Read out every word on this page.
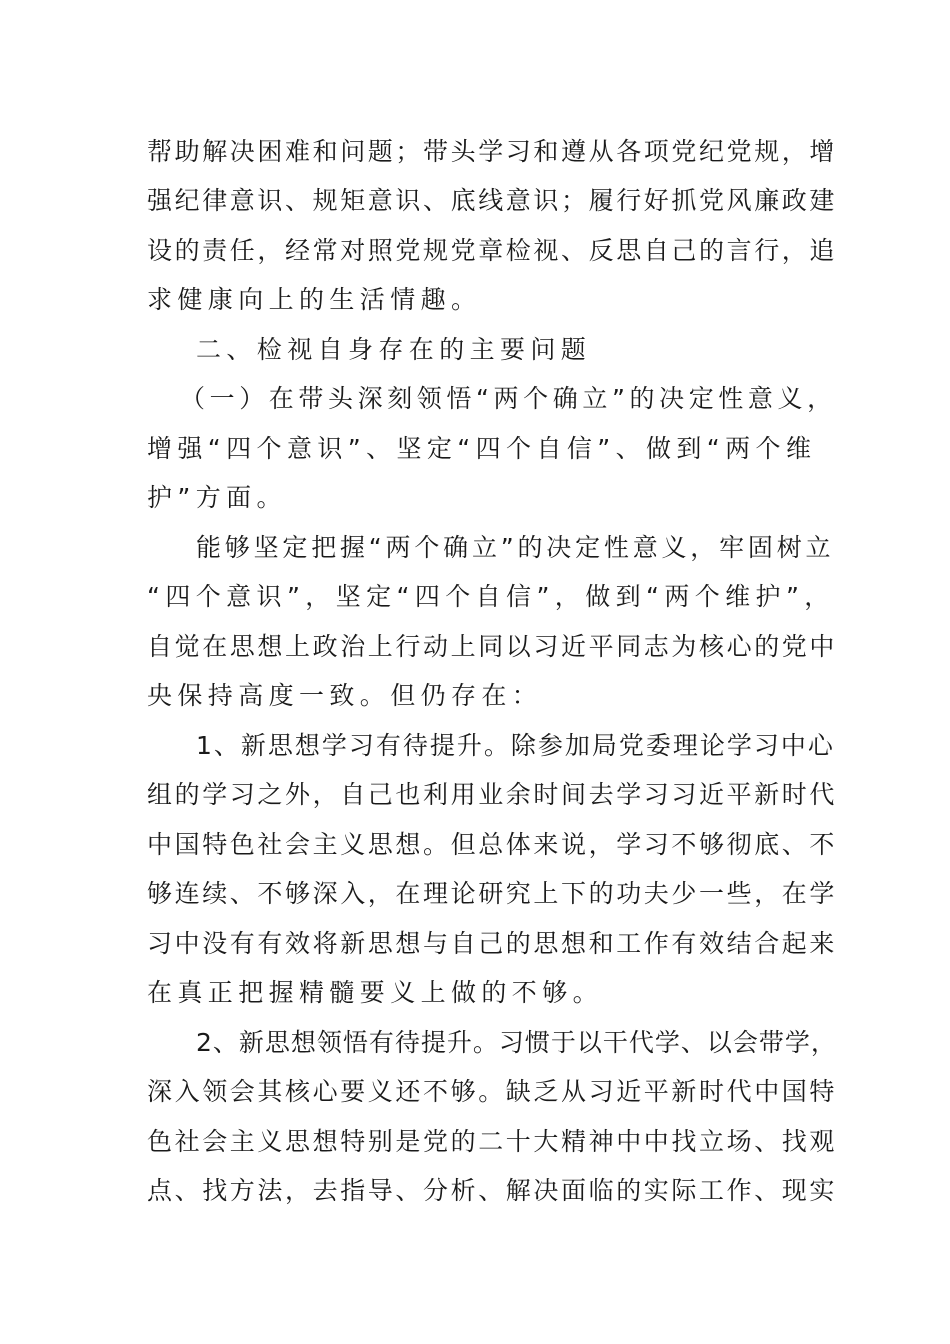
帮助解决困难和问题；带头学习和遵从各项党纪党规，增
强纪律意识、规矩意识、底线意识；履行好抓党风廉政建
设的责任，经常对照党规党章检视、反思自己的言行，追
求健康向上的生活情趣。
二、检视自身存在的主要问题
（一）在带头深刻领悟“两个确立”的决定性意义，
增强“四个意识”、坚定“四个自信”、做到“两个维
护”方面。
能够坚定把握“两个确立”的决定性意义，牢固树立
“四个意识”，坚定“四个自信”，做到“两个维护”，
自觉在思想上政治上行动上同以习近平同志为核心的党中
央保持高度一致。但仍存在：
1、新思想学习有待提升。除参加局党委理论学习中心
组的学习之外，自己也利用业余时间去学习习近平新时代
中国特色社会主义思想。但总体来说，学习不够彻底、不
够连续、不够深入，在理论研究上下的功夫少一些，在学
习中没有有效将新思想与自己的思想和工作有效结合起来
在真正把握精髓要义上做的不够。
2、新思想领悟有待提升。习惯于以干代学、以会带学，
深入领会其核心要义还不够。缺乏从习近平新时代中国特
色社会主义思想特别是党的二十大精神中中找立场、找观
点、找方法，去指导、分析、解决面临的实际工作、现实
